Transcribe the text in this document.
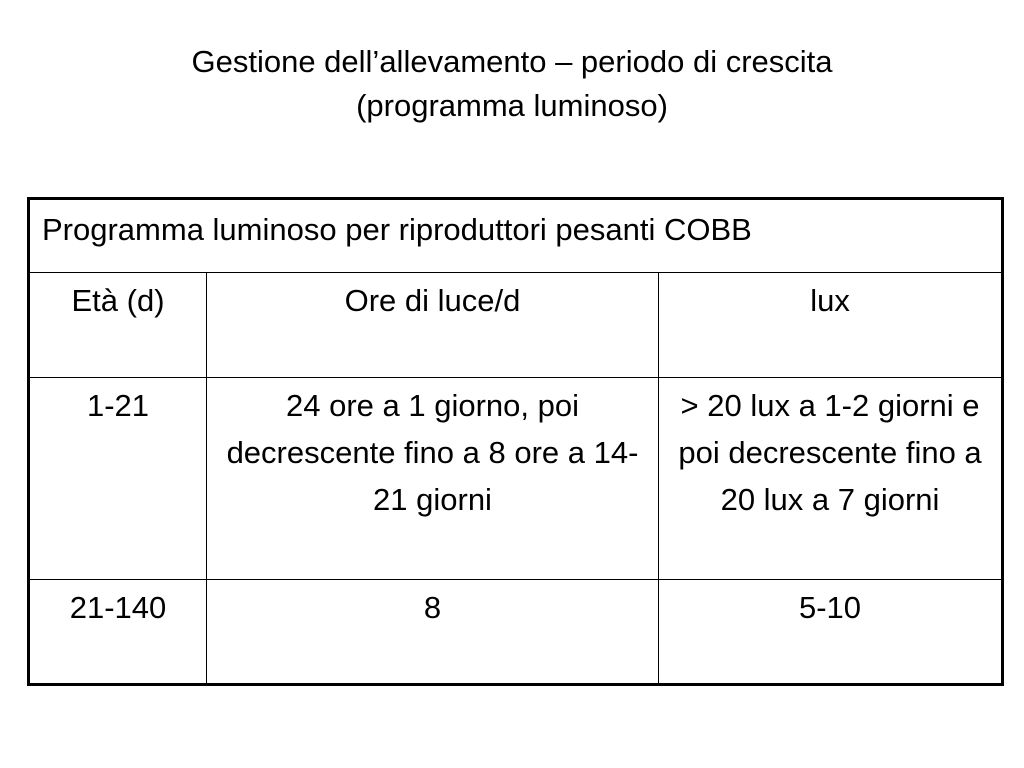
Gestione dell’allevamento – periodo di crescita
(programma luminoso)
Programma luminoso per riproduttori pesanti COBB		
Età (d)	Ore di luce/d	lux
1-21	24 ore a 1 giorno, poi decrescente fino a 8 ore a 14-21 giorni	> 20 lux a 1-2 giorni e poi decrescente fino a 20 lux a 7 giorni
21-140	8	5-10
